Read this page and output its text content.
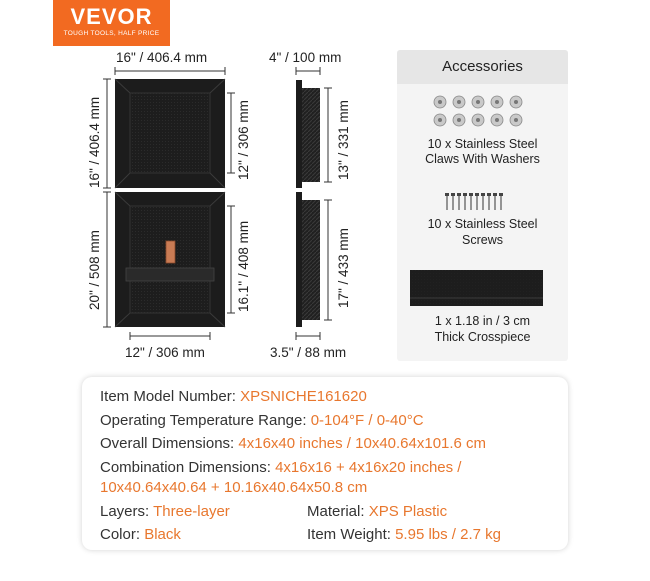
VEVOR
TOUGH TOOLS, HALF PRICE
16" / 406.4 mm
16" / 406.4 mm	12" / 306 mm
20" / 508 mm	16.1" / 408 mm
12" / 306 mm
4" / 100 mm
13" / 331 mm
17" / 433 mm
3.5" / 88 mm
Accessories
10 x Stainless Steel
Claws With Washers
10 x Stainless Steel
Screws
1 x 1.18 in / 3 cm
Thick Crosspiece
Item Model Number: XPSNICHE161620
Operating Temperature Range: 0-104°F / 0-40°C
Overall Dimensions: 4x16x40 inches / 10x40.64x101.6 cm
Combination Dimensions: 4x16x16 + 4x16x20 inches /
10x40.64x40.64 + 10.16x40.64x50.8 cm
Layers: Three-layer	Material: XPS Plastic
Color: Black	Item Weight: 5.95 lbs / 2.7 kg
